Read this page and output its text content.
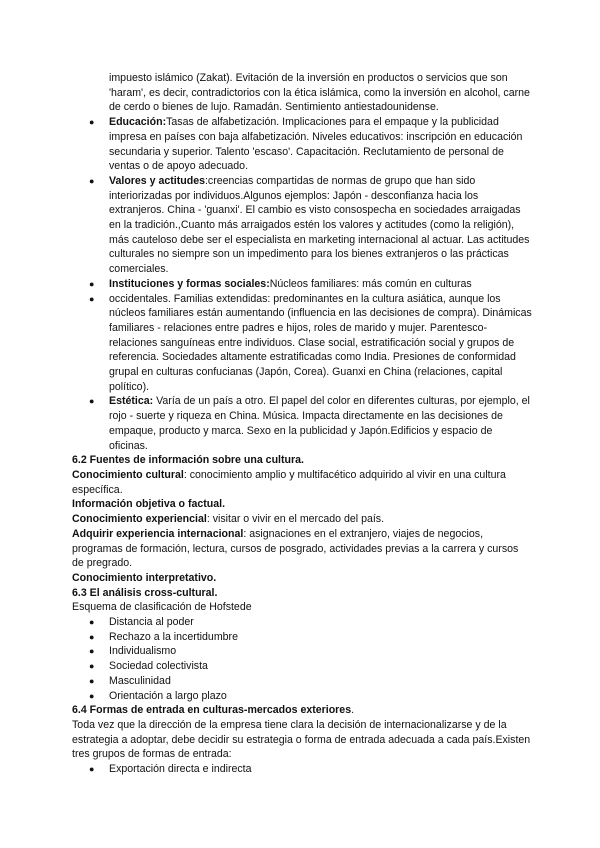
impuesto islámico (Zakat). Evitación de la inversión en productos o servicios que son 'haram', es decir, contradictorios con la ética islámica, como la inversión en alcohol, carne de cerdo o bienes de lujo. Ramadán. Sentimiento antiestadounidense.

● Educación:Tasas de alfabetización. Implicaciones para el empaque y la publicidad impresa en países con baja alfabetización. Niveles educativos: inscripción en educación secundaria y superior. Talento 'escaso'. Capacitación. Reclutamiento de personal de ventas o de apoyo adecuado.
● Valores y actitudes:creencias compartidas de normas de grupo que han sido interiorizadas por individuos.Algunos ejemplos: Japón - desconfianza hacia los extranjeros. China - 'guanxi'. El cambio es visto consospecha en sociedades arraigadas en la tradición.,Cuanto más arraigados estén los valores y actitudes (como la religión), más cauteloso debe ser el especialista en marketing internacional al actuar. Las actitudes culturales no siempre son un impedimento para los bienes extranjeros o las prácticas comerciales.
● Instituciones y formas sociales:Núcleos familiares: más común en culturas
● occidentales. Familias extendidas: predominantes en la cultura asiática, aunque los núcleos familiares están aumentando (influencia en las decisiones de compra). Dinámicas familiares - relaciones entre padres e hijos, roles de marido y mujer. Parentesco-relaciones sanguíneas entre individuos. Clase social, estratificación social y grupos de referencia. Sociedades altamente estratificadas como India. Presiones de conformidad grupal en culturas confucianas (Japón, Corea). Guanxi en China (relaciones, capital político).
● Estética: Varía de un país a otro. El papel del color en diferentes culturas, por ejemplo, el rojo - suerte y riqueza en China. Música. Impacta directamente en las decisiones de empaque, producto y marca. Sexo en la publicidad y Japón.Edificios y espacio de oficinas.

6.2 Fuentes de información sobre una cultura.

Conocimiento cultural: conocimiento amplio y multifacético adquirido al vivir en una cultura específica.

Información objetiva o factual.

Conocimiento experiencial: visitar o vivir en el mercado del país.

Adquirir experiencia internacional: asignaciones en el extranjero, viajes de negocios, programas de formación, lectura, cursos de posgrado, actividades previas a la carrera y cursos de pregrado.

Conocimiento interpretativo.

6.3 El análisis cross-cultural.

Esquema de clasificación de Hofstede

● Distancia al poder
● Rechazo a la incertidumbre
● Individualismo
● Sociedad colectivista
● Masculinidad
● Orientación a largo plazo

6.4 Formas de entrada en culturas-mercados exteriores.

Toda vez que la dirección de la empresa tiene clara la decisión de internacionalizarse y de la estrategia a adoptar, debe decidir su estrategia o forma de entrada adecuada a cada país.Existen tres grupos de formas de entrada:

● Exportación directa e indirecta
